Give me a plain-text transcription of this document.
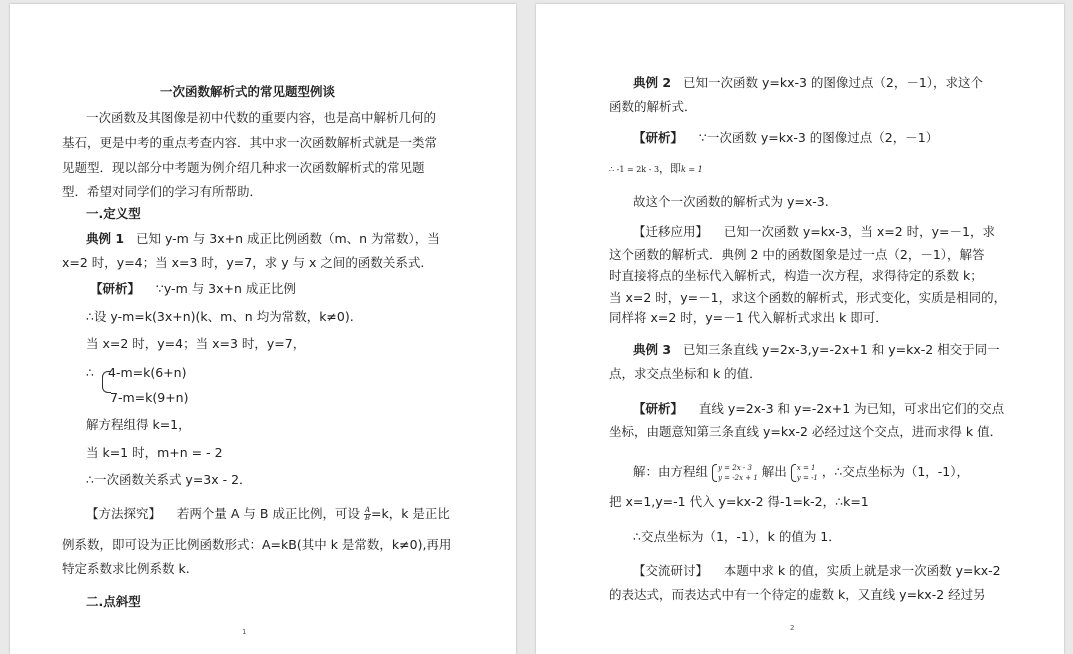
一次函数解析式的常见题型例谈
一次函数及其图像是初中代数的重要内容，也是高中解析几何的
基石，更是中考的重点考查内容．其中求一次函数解析式就是一类常
见题型．现以部分中考题为例介绍几种求一次函数解析式的常见题
型．希望对同学们的学习有所帮助．
一.定义型
典例 1 已知 y-m 与 3x+n 成正比例函数（m、n 为常数），当
x=2 时，y=4；当 x=3 时，y=7，求 y 与 x 之间的函数关系式.
【研析】 ∵y-m 与 3x+n 成正比例
∴设 y-m=k(3x+n)(k、m、n 均为常数，k≠0).
当 x=2 时，y=4；当 x=3 时，y=7，
∴ 4-m=k(6+n)
7-m=k(9+n)
解方程组得 k=1，
当 k=1 时，m+n = - 2
∴一次函数关系式 y=3x - 2．
【方法探究】 若两个量 A 与 B 成正比例，可设 $\frac{A}{B} =k$，k 是正比
例系数，即可设为正比例函数形式：A=kB(其中 k 是常数，k≠0),再用
特定系数求比例系数 k.
二.点斜型
1
典例 2 已知一次函数 y=kx-3 的图像过点（2，－1），求这个
函数的解析式．
【研析】 ∵一次函数 y=kx-3 的图像过点（2，－1）
∴ -1 = 2k - 3，即k = 1
故这个一次函数的解析式为 y=x-3.
【迁移应用】 已知一次函数 y=kx-3，当 x=2 时，y=－1，求
这个函数的解析式．典例 2 中的函数图象是过一点（2，－1），解答
时直接将点的坐标代入解析式，构造一次方程，求得待定的系数 k；
当 x=2 时，y=－1，求这个函数的解析式，形式变化，实质是相同的，
同样将 x=2 时，y=－1 代入解析式求出 k 即可．
典例 3 已知三条直线 y=2x-3,y=-2x+1 和 y=kx-2 相交于同一
点，求交点坐标和 k 的值．
【研析】 直线 y=2x-3 和 y=-2x+1 为已知，可求出它们的交点
坐标，由题意知第三条直线 y=kx-2 必经过这个交点，进而求得 k 值．
解：由方程组 y = 2x - 3
y = -2x + 1 解出 x = 1
y = -1 ，∴交点坐标为（1，-1），
把 x=1,y=-1 代入 y=kx-2 得-1=k-2，∴k=1
∴交点坐标为（1，-1），k 的值为 1．
【交流研讨】 本题中求 k 的值，实质上就是求一次函数 y=kx-2
的表达式，而表达式中有一个待定的虚数 k，又直线 y=kx-2 经过另
2
